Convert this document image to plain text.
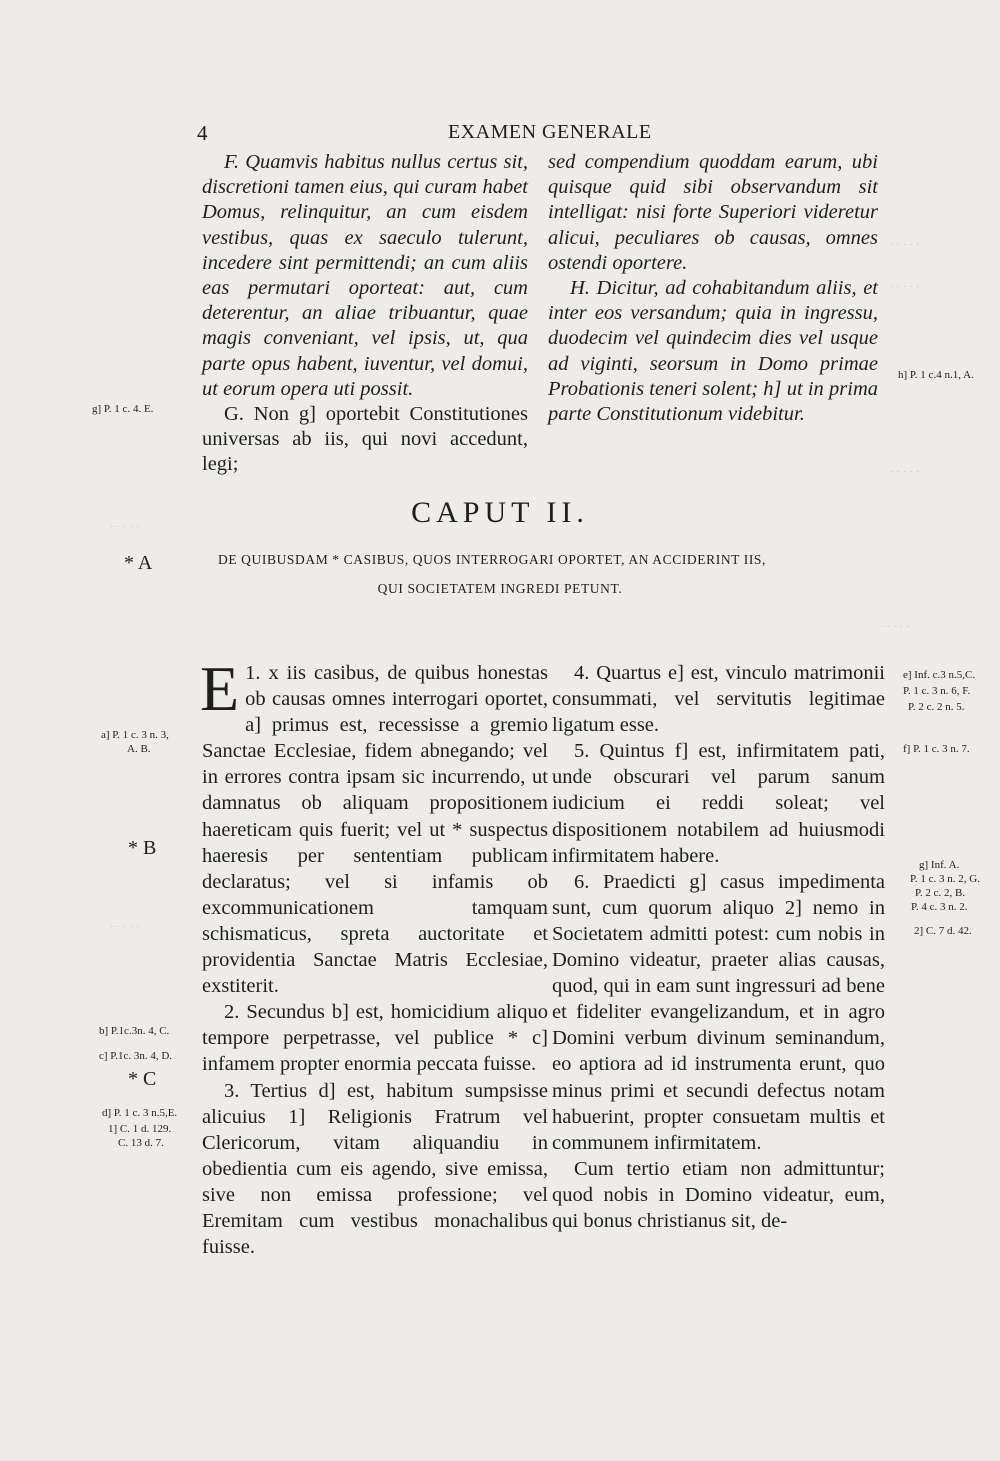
4	EXAMEN GENERALE
· · · · ·
· · · · ·
· · · · ·
· · · · ·
· · · · ·
· · · · ·

F. Quamvis habitus nullus certus sit, discretioni tamen eius, qui curam habet Domus, relinquitur, an cum eisdem vestibus, quas ex saeculo tulerunt, incedere sint permittendi; an cum aliis eas permutari oporteat: aut, cum deterentur, an aliae tribuantur, quae magis conveniant, vel ipsis, ut, qua parte opus habent, iuventur, vel domui, ut eorum opera uti possit.

G. Non g] oportebit Constitutiones universas ab iis, qui novi accedunt, legi;

sed compendium quoddam earum, ubi quisque quid sibi observandum sit intelligat: nisi forte Superiori videretur alicui, peculiares ob causas, omnes ostendi oportere.

H. Dicitur, ad cohabitandum aliis, et inter eos versandum; quia in ingressu, duodecim vel quindecim dies vel usque ad viginti, seorsum in Domo primae Probationis teneri solent; h] ut in prima parte Constitutionum videbitur.

CAPUT II.
DE QUIBUSDAM * CASIBUS, QUOS INTERROGARI OPORTET, AN ACCIDERINT IIS,
QUI SOCIETATEM INGREDI PETUNT.

1.
E x iis casibus, de quibus honestas ob causas omnes interrogari oportet, a] primus est, recessisse a gremio Sanctae Ecclesiae, fidem abnegando; vel in errores contra ipsam sic incurrendo, ut damnatus ob aliquam propositionem haereticam quis fuerit; vel ut * suspectus haeresis per sententiam publicam declaratus; vel si infamis ob excommunicationem tamquam schismaticus, spreta auctoritate et providentia Sanctae Matris Ecclesiae, exstiterit.

2. Secundus b] est, homicidium aliquo tempore perpetrasse, vel publice * c] infamem propter enormia peccata fuisse.

3. Tertius d] est, habitum sumpsisse alicuius 1] Religionis Fratrum vel Clericorum, vitam aliquandiu in obedientia cum eis agendo, sive emissa, sive non emissa professione; vel Eremitam cum vestibus monachalibus fuisse.

4. Quartus e] est, vinculo matrimonii consummati, vel servitutis legitimae ligatum esse.

5. Quintus f] est, infirmitatem pati, unde obscurari vel parum sanum iudicium ei reddi soleat; vel dispositionem notabilem ad huiusmodi infirmitatem habere.

6. Praedicti g] casus impedimenta sunt, cum quorum aliquo 2] nemo in Societatem admitti potest: cum nobis in Domino videatur, praeter alias causas, quod, qui in eam sunt ingressuri ad bene et fideliter evangelizandum, et in agro Domini verbum divinum seminandum, eo aptiora ad id instrumenta erunt, quo minus primi et secundi defectus notam habuerint, propter consuetam multis et communem infirmitatem.

Cum tertio etiam non admittuntur; quod nobis in Domino videatur, eum, qui bonus christianus sit, de-

g] P. 1 c. 4. E.
* A
a] P. 1 c. 3 n. 3,
A. B.
* B
b] P.1c.3n. 4, C.
c] P.1c. 3n. 4, D.
* C
d] P. 1 c. 3 n.5,E.
1] C. 1 d. 129.
C. 13 d. 7.
h] P. 1 c.4 n.1, A.
e] Inf. c.3 n.5,C.
P. 1 c. 3 n. 6, F.
P. 2 c. 2 n. 5.
f] P. 1 c. 3 n. 7.
g] Inf. A.
P. 1 c. 3 n. 2, G.
P. 2 c. 2, B.
P. 4 c. 3 n. 2.
2] C. 7 d. 42.
